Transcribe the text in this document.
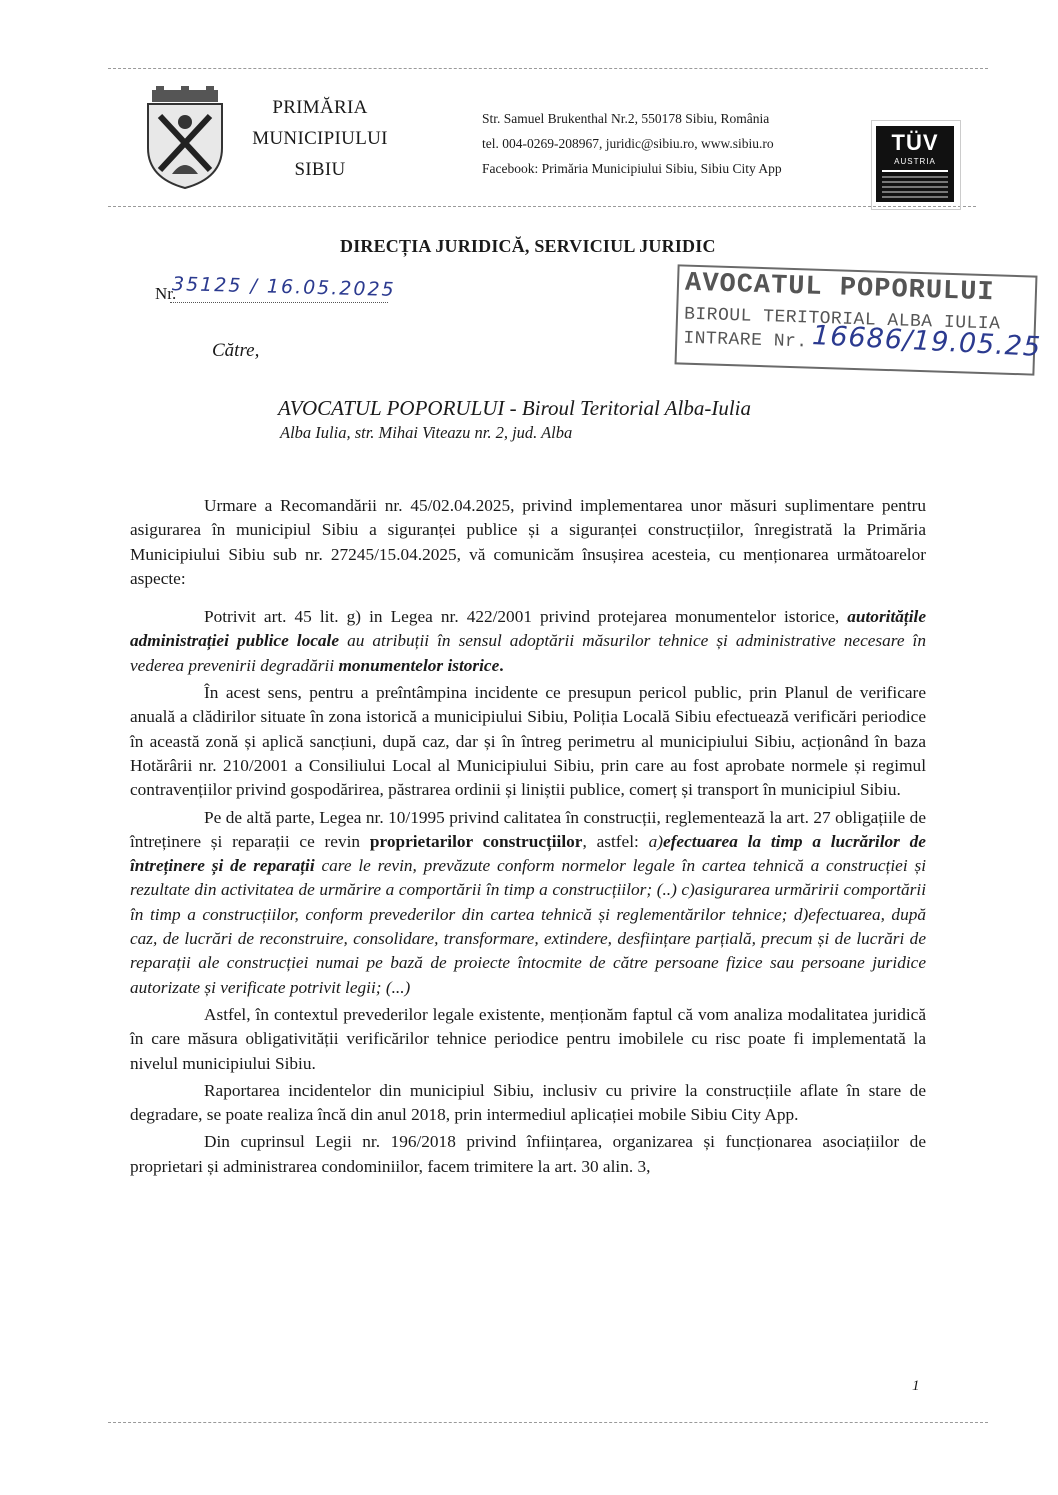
PRIMĂRIA
MUNICIPIULUI
SIBIU
Str. Samuel Brukenthal Nr.2, 550178 Sibiu, România
tel. 004-0269-208967, juridic@sibiu.ro, www.sibiu.ro
Facebook: Primăria Municipiului Sibiu, Sibiu City App
TÜV
AUSTRIA
DIRECȚIA JURIDICĂ, SERVICIUL JURIDIC
Nr.
35125 / 16.05.2025	AVOCATUL POPORULUI
BIROUL TERITORIAL ALBA IULIA
INTRARE Nr. 16686/19.05.25
Către,
AVOCATUL POPORULUI - Biroul Teritorial Alba-Iulia
Alba Iulia, str. Mihai Viteazu nr. 2, jud. Alba

Urmare a Recomandării nr. 45/02.04.2025, privind implementarea unor măsuri suplimentare pentru asigurarea în municipiul Sibiu a siguranței publice și a siguranței construcțiilor, înregistrată la Primăria Municipiului Sibiu sub nr. 27245/15.04.2025, vă comunicăm însușirea acesteia, cu menționarea următoarelor aspecte:

Potrivit art. 45 lit. g) in Legea nr. 422/2001 privind protejarea monumentelor istorice, autoritățile administrației publice locale au atribuții în sensul adoptării măsurilor tehnice și administrative necesare în vederea prevenirii degradării monumentelor istorice.

În acest sens, pentru a preîntâmpina incidente ce presupun pericol public, prin Planul de verificare anuală a clădirilor situate în zona istorică a municipiului Sibiu, Poliția Locală Sibiu efectuează verificări periodice în această zonă și aplică sancțiuni, după caz, dar și în întreg perimetru al municipiului Sibiu, acționând în baza Hotărârii nr. 210/2001 a Consiliului Local al Municipiului Sibiu, prin care au fost aprobate normele și regimul contravențiilor privind gospodărirea, păstrarea ordinii și liniștii publice, comerț și transport în municipiul Sibiu.

Pe de altă parte, Legea nr. 10/1995 privind calitatea în construcții, reglementează la art. 27 obligațiile de întreținere și reparații ce revin proprietarilor construcțiilor, astfel: a)efectuarea la timp a lucrărilor de întreținere și de reparații care le revin, prevăzute conform normelor legale în cartea tehnică a construcției și rezultate din activitatea de urmărire a comportării în timp a construcțiilor; (..) c)asigurarea urmăririi comportării în timp a construcțiilor, conform prevederilor din cartea tehnică și reglementărilor tehnice; d)efectuarea, după caz, de lucrări de reconstruire, consolidare, transformare, extindere, desființare parțială, precum și de lucrări de reparații ale construcției numai pe bază de proiecte întocmite de către persoane fizice sau persoane juridice autorizate și verificate potrivit legii; (...)

Astfel, în contextul prevederilor legale existente, menționăm faptul că vom analiza modalitatea juridică în care măsura obligativității verificărilor tehnice periodice pentru imobilele cu risc poate fi implementată la nivelul municipiului Sibiu.

Raportarea incidentelor din municipiul Sibiu, inclusiv cu privire la construcțiile aflate în stare de degradare, se poate realiza încă din anul 2018, prin intermediul aplicației mobile Sibiu City App.

Din cuprinsul Legii nr. 196/2018 privind înființarea, organizarea și funcționarea asociațiilor de proprietari și administrarea condominiilor, facem trimitere la art. 30 alin. 3,

1
